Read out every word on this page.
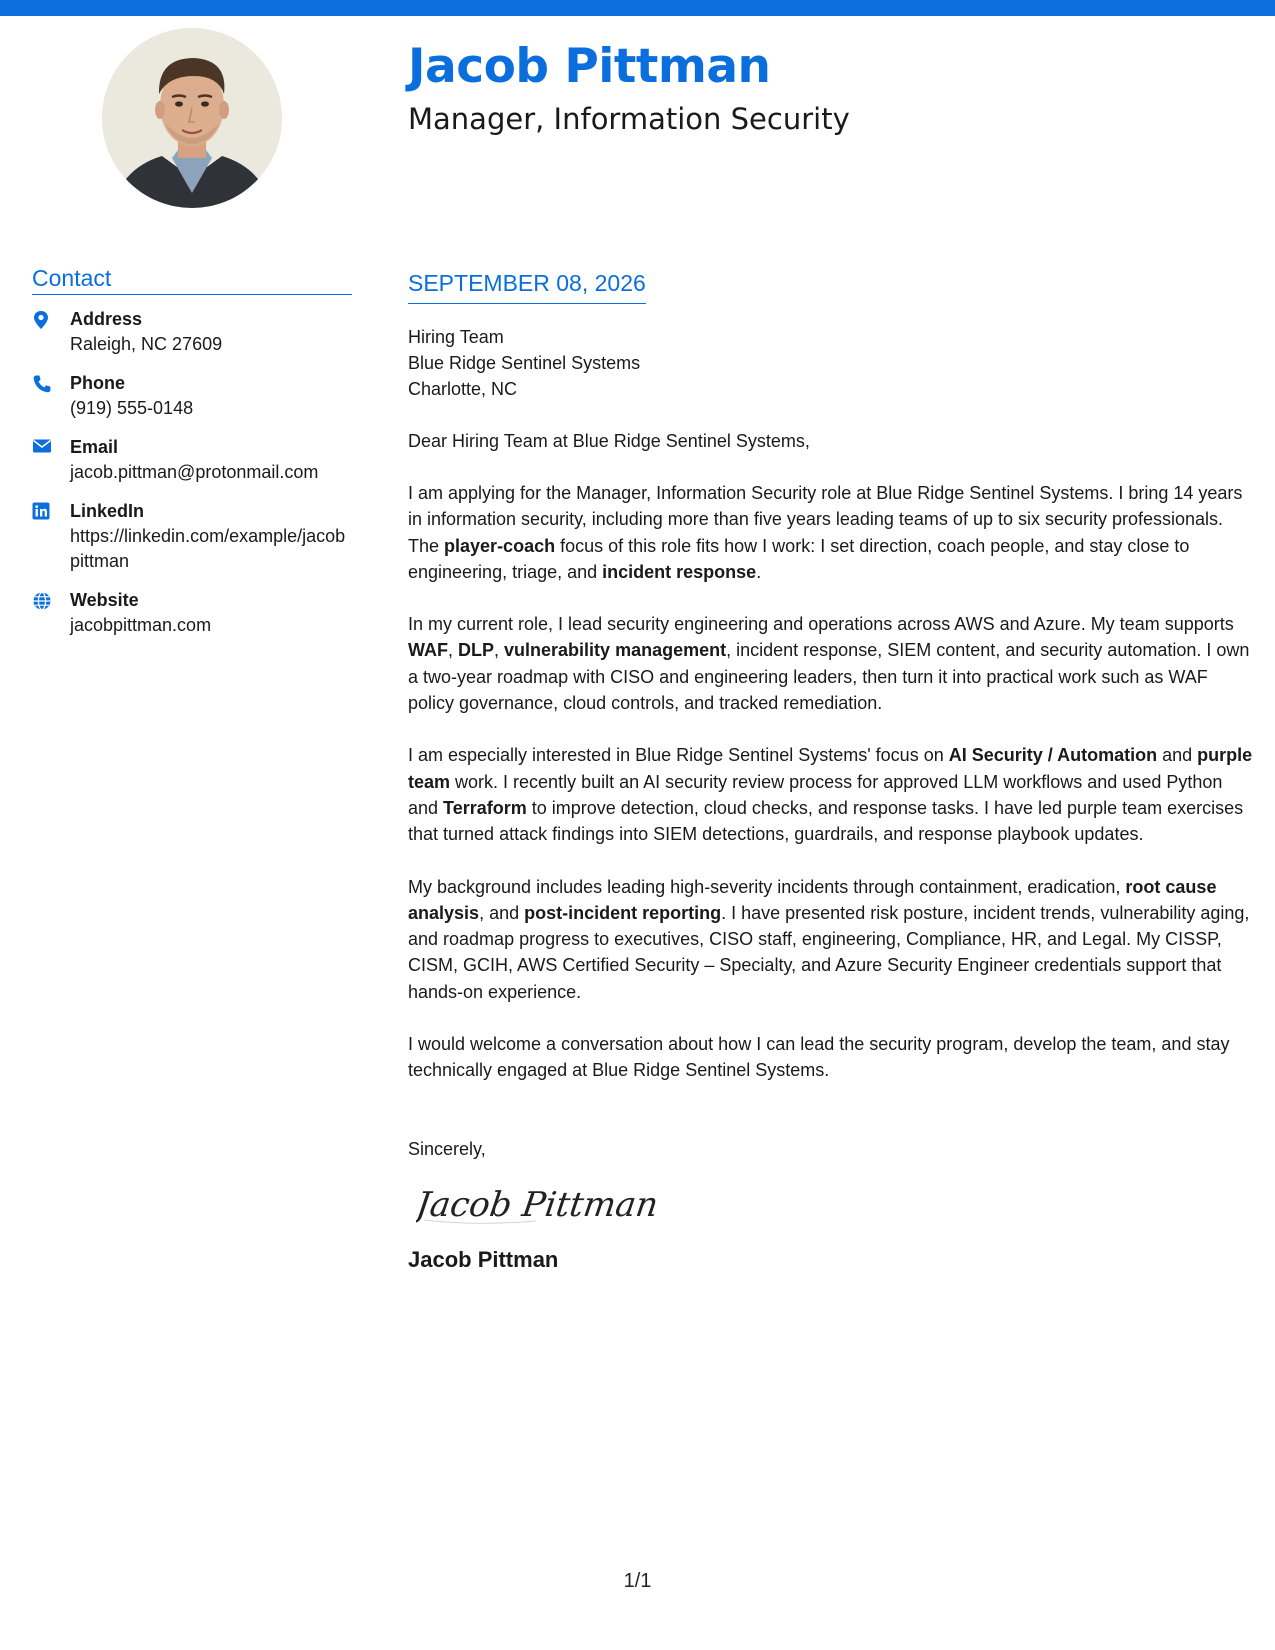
Jacob Pittman
Manager, Information Security
Contact
Address
Raleigh, NC 27609
Phone
(919) 555-0148
Email
jacob.pittman@protonmail.com
LinkedIn
https://linkedin.com/example/jacobpittman
Website
jacobpittman.com
SEPTEMBER 08, 2026
Hiring Team
Blue Ridge Sentinel Systems
Charlotte, NC
Dear Hiring Team at Blue Ridge Sentinel Systems,
I am applying for the Manager, Information Security role at Blue Ridge Sentinel Systems. I bring 14 years in information security, including more than five years leading teams of up to six security professionals. The player-coach focus of this role fits how I work: I set direction, coach people, and stay close to engineering, triage, and incident response.
In my current role, I lead security engineering and operations across AWS and Azure. My team supports WAF, DLP, vulnerability management, incident response, SIEM content, and security automation. I own a two-year roadmap with CISO and engineering leaders, then turn it into practical work such as WAF policy governance, cloud controls, and tracked remediation.
I am especially interested in Blue Ridge Sentinel Systems' focus on AI Security / Automation and purple team work. I recently built an AI security review process for approved LLM workflows and used Python and Terraform to improve detection, cloud checks, and response tasks. I have led purple team exercises that turned attack findings into SIEM detections, guardrails, and response playbook updates.
My background includes leading high-severity incidents through containment, eradication, root cause analysis, and post-incident reporting. I have presented risk posture, incident trends, vulnerability aging, and roadmap progress to executives, CISO staff, engineering, Compliance, HR, and Legal. My CISSP, CISM, GCIH, AWS Certified Security – Specialty, and Azure Security Engineer credentials support that hands-on experience.
I would welcome a conversation about how I can lead the security program, develop the team, and stay technically engaged at Blue Ridge Sentinel Systems.
Sincerely,
Jacob Pittman
Jacob Pittman
1/1
